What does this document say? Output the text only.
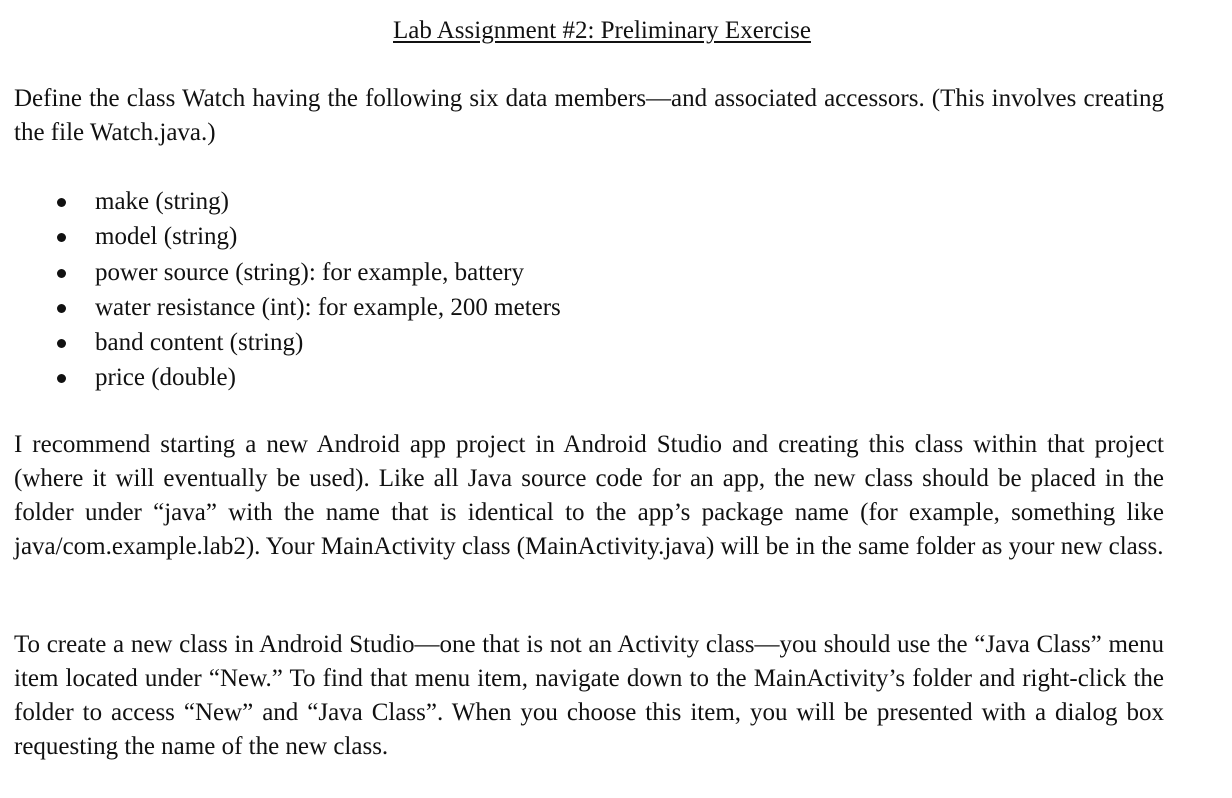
Lab Assignment #2: Preliminary Exercise

Define the class Watch having the following six data members—and associated accessors. (This involves creating the file Watch.java.)

make (string)
model (string)
power source (string): for example, battery
water resistance (int): for example, 200 meters
band content (string)
price (double)

I recommend starting a new Android app project in Android Studio and creating this class within that project (where it will eventually be used). Like all Java source code for an app, the new class should be placed in the folder under “java” with the name that is identical to the app’s package name (for example, something like java/com.example.lab2). Your MainActivity class (MainActivity.java) will be in the same folder as your new class.

To create a new class in Android Studio—one that is not an Activity class—you should use the “Java Class” menu item located under “New.” To find that menu item, navigate down to the MainActivity’s folder and right-click the folder to access “New” and “Java Class”. When you choose this item, you will be presented with a dialog box requesting the name of the new class.
